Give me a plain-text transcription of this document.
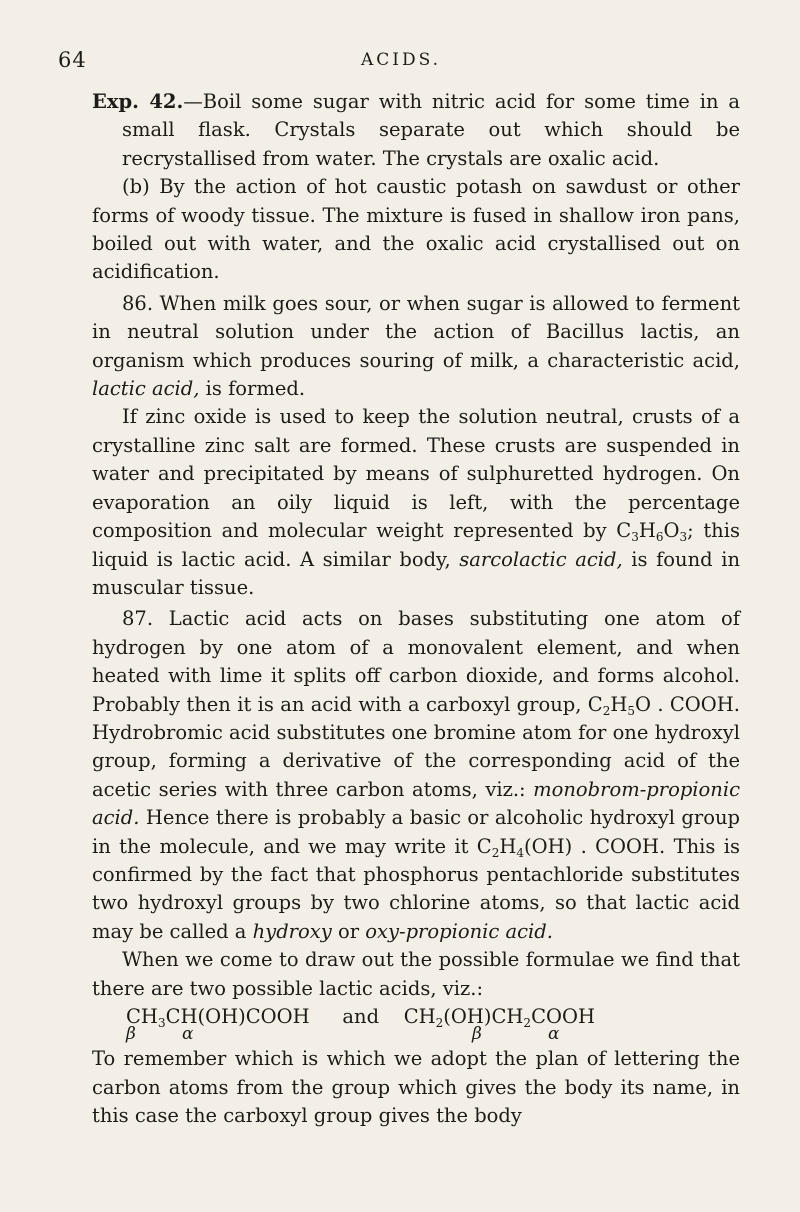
64	ACIDS.

Exp. 42.—Boil some sugar with nitric acid for some time in a small flask. Crystals separate out which should be recrystallised from water. The crystals are oxalic acid.

(b) By the action of hot caustic potash on sawdust or other forms of woody tissue. The mixture is fused in shallow iron pans, boiled out with water, and the oxalic acid crystallised out on acidification.

86. When milk goes sour, or when sugar is allowed to ferment in neutral solution under the action of Bacillus lactis, an organism which produces souring of milk, a characteristic acid, lactic acid, is formed.

If zinc oxide is used to keep the solution neutral, crusts of a crystalline zinc salt are formed. These crusts are suspended in water and precipitated by means of sulphuretted hydrogen. On evaporation an oily liquid is left, with the percentage composition and molecular weight represented by $C_3H_6O_3$; this liquid is lactic acid. A similar body, sarcolactic acid, is found in muscular tissue.

87. Lactic acid acts on bases substituting one atom of hydrogen by one atom of a monovalent element, and when heated with lime it splits off carbon dioxide, and forms alcohol. Probably then it is an acid with a carboxyl group, $C_2H_5O$ . COOH. Hydrobromic acid substitutes one bromine atom for one hydroxyl group, forming a derivative of the corresponding acid of the acetic series with three carbon atoms, viz.: monobrom-propionic acid. Hence there is probably a basic or alcoholic hydroxyl group in the molecule, and we may write it $C_2H_4(OH)$ . COOH. This is confirmed by the fact that phosphorus pentachloride substitutes two hydroxyl groups by two chlorine atoms, so that lactic acid may be called a hydroxy or oxy-propionic acid.

When we come to draw out the possible formulae we find that there are two possible lactic acids, viz.:

$CH_3CH(OH)COOH$ and $CH_2(OH)CH_2COOH$

β	α	β	α

To remember which is which we adopt the plan of lettering the carbon atoms from the group which gives the body its name, in this case the carboxyl group gives the body
